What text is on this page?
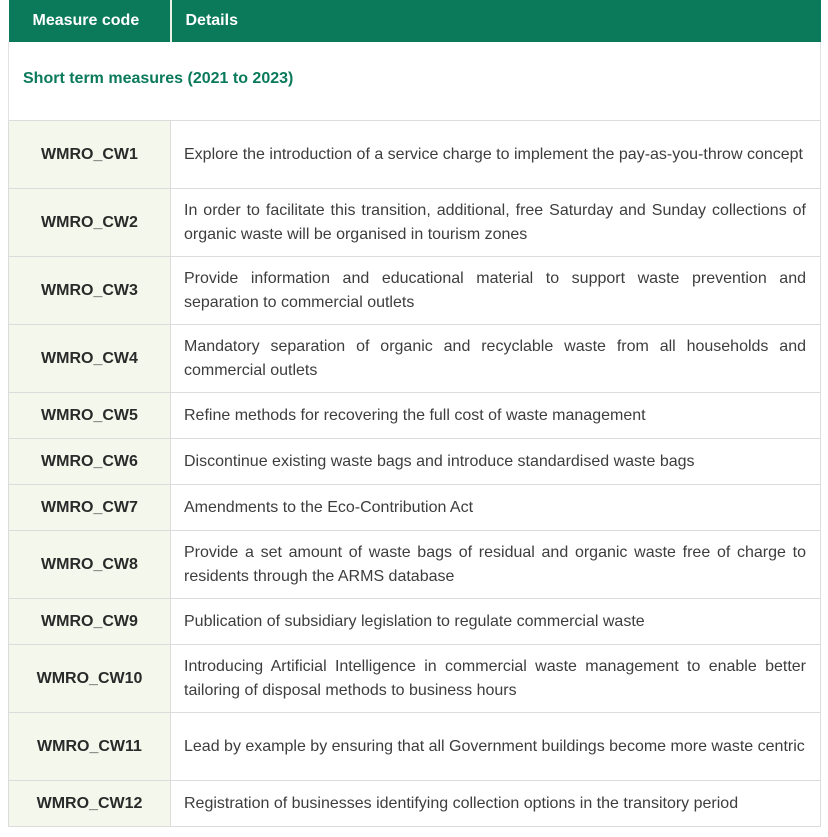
Measure code	Details
Short term measures (2021 to 2023)	
WMRO_CW1	Explore the introduction of a service charge to implement the pay-as-you-throw concept
WMRO_CW2	In order to facilitate this transition, additional, free Saturday and Sunday collections of organic waste will be organised in tourism zones
WMRO_CW3	Provide information and educational material to support waste prevention and separation to commercial outlets
WMRO_CW4	Mandatory separation of organic and recyclable waste from all households and commercial outlets
WMRO_CW5	Refine methods for recovering the full cost of waste management
WMRO_CW6	Discontinue existing waste bags and introduce standardised waste bags
WMRO_CW7	Amendments to the Eco-Contribution Act
WMRO_CW8	Provide a set amount of waste bags of residual and organic waste free of charge to residents through the ARMS database
WMRO_CW9	Publication of subsidiary legislation to regulate commercial waste
WMRO_CW10	Introducing Artificial Intelligence in commercial waste management to enable better tailoring of disposal methods to business hours
WMRO_CW11	Lead by example by ensuring that all Government buildings become more waste centric
WMRO_CW12	Registration of businesses identifying collection options in the transitory period
